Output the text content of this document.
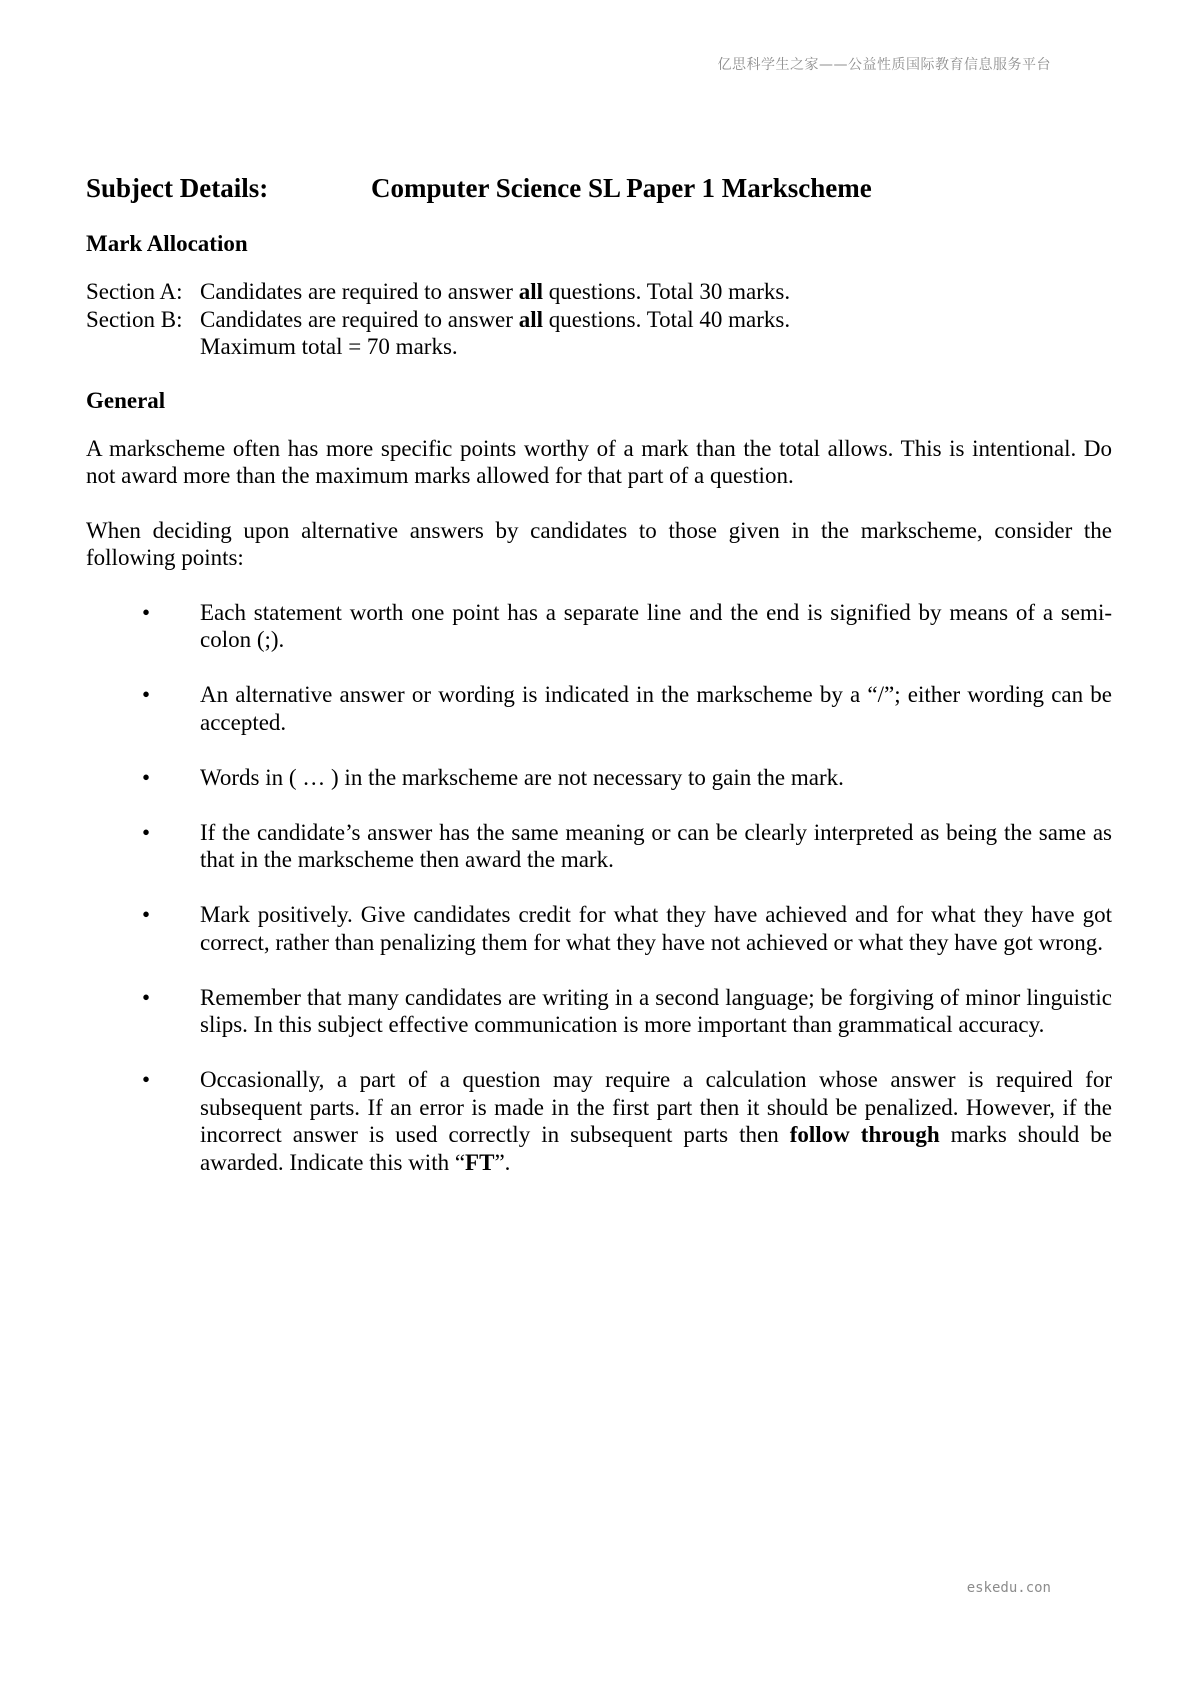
亿思科学生之家——公益性质国际教育信息服务平台
Subject Details:	Computer Science SL Paper 1 Markscheme
Mark Allocation
Section A: Candidates are required to answer all questions. Total 30 marks.
Section B: Candidates are required to answer all questions. Total 40 marks.
Maximum total = 70 marks.
General
A markscheme often has more specific points worthy of a mark than the total allows. This is intentional. Do not award more than the maximum marks allowed for that part of a question.
When deciding upon alternative answers by candidates to those given in the markscheme, consider the following points:
•	Each statement worth one point has a separate line and the end is signified by means of a semi-colon (;).
•	An alternative answer or wording is indicated in the markscheme by a “/”; either wording can be accepted.
•	Words in ( … ) in the markscheme are not necessary to gain the mark.
•	If the candidate’s answer has the same meaning or can be clearly interpreted as being the same as that in the markscheme then award the mark.
•	Mark positively. Give candidates credit for what they have achieved and for what they have got correct, rather than penalizing them for what they have not achieved or what they have got wrong.
•	Remember that many candidates are writing in a second language; be forgiving of minor linguistic slips. In this subject effective communication is more important than grammatical accuracy.
•	Occasionally, a part of a question may require a calculation whose answer is required for subsequent parts. If an error is made in the first part then it should be penalized. However, if the incorrect answer is used correctly in subsequent parts then follow through marks should be awarded. Indicate this with “FT”.
eskedu.con
